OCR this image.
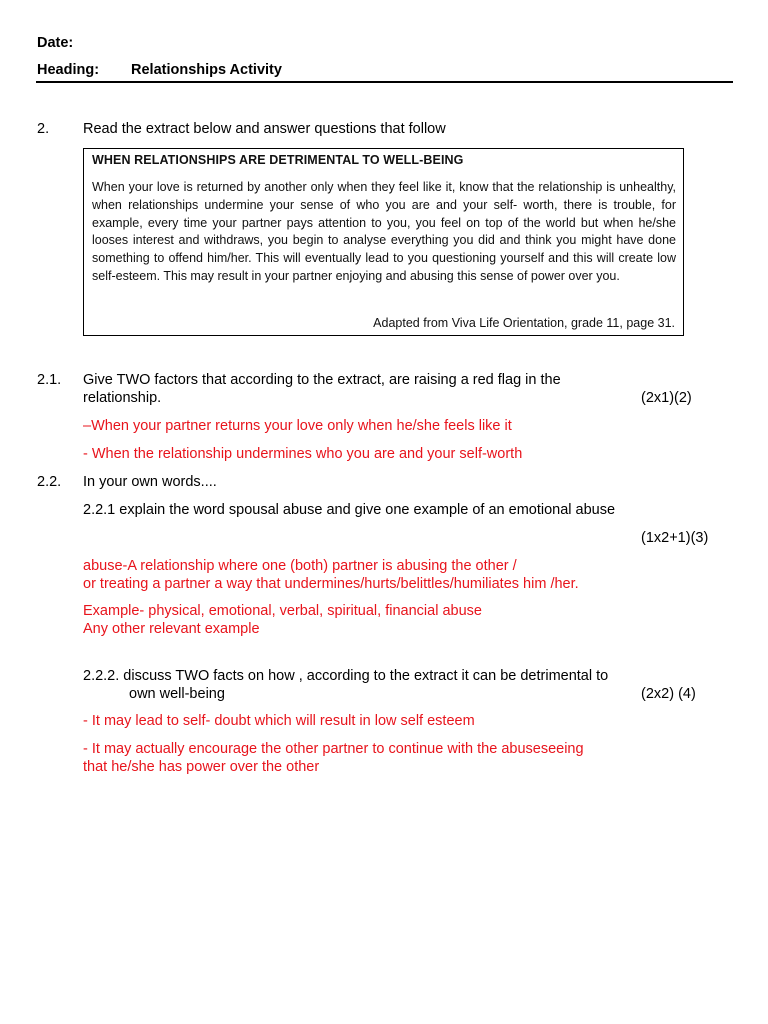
Date:
Heading: Relationships Activity
2. Read the extract below and answer questions that follow
WHEN RELATIONSHIPS ARE DETRIMENTAL TO WELL-BEING
When your love is returned by another only when they feel like it, know that the relationship is unhealthy, when relationships undermine your sense of who you are and your self- worth, there is trouble, for example, every time your partner pays attention to you, you feel on top of the world but when he/she looses interest and withdraws, you begin to analyse everything you did and think you might have done something to offend him/her. This will eventually lead to you questioning yourself and this will create low self-esteem. This may result in your partner enjoying and abusing this sense of power over you.
Adapted from Viva Life Orientation, grade 11, page 31.
2.1. Give TWO factors that according to the extract, are raising a red flag in the
relationship.	(2x1)(2)
–When your partner returns your love only when he/she feels like it
- When the relationship undermines who you are and your self-worth
2.2. In your own words....
2.2.1 explain the word spousal abuse and give one example of an emotional abuse
(1x2+1)(3)
abuse-A relationship where one (both) partner is abusing the other /
or treating a partner a way that undermines/hurts/belittles/humiliates him /her.
Example- physical, emotional, verbal, spiritual, financial abuse
Any other relevant example
2.2.2. discuss TWO facts on how , according to the extract it can be detrimental to
own well-being	(2x2) (4)
- It may lead to self- doubt which will result in low self esteem
- It may actually encourage the other partner to continue with the abuseseeing
that he/she has power over the other
